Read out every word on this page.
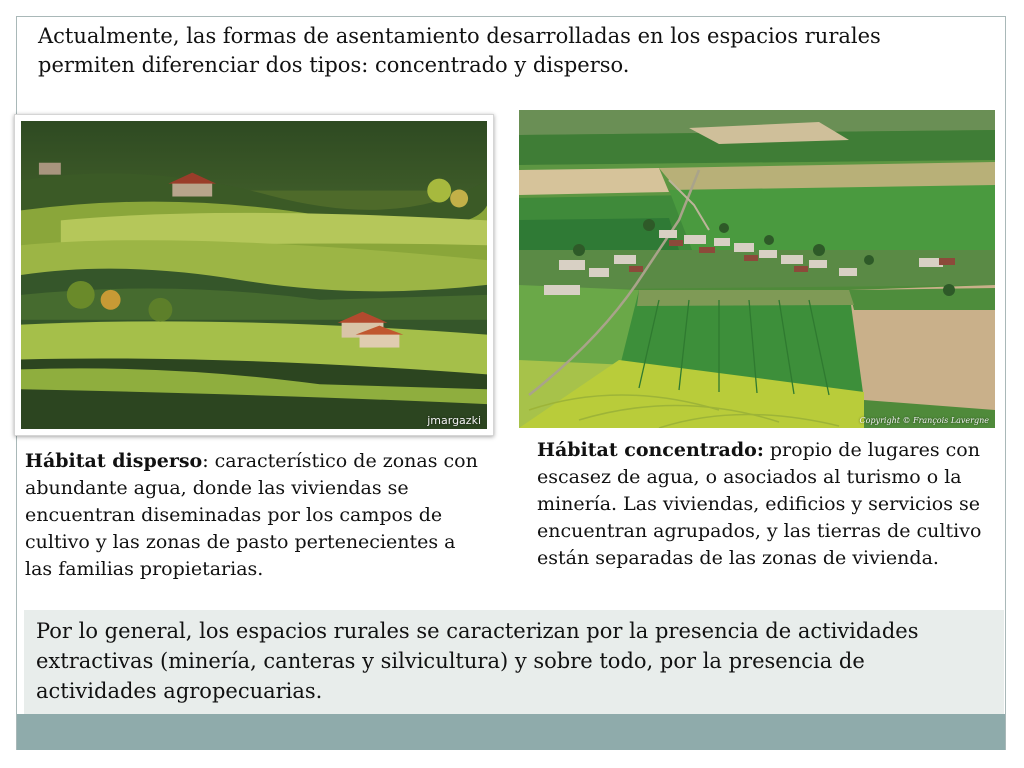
Actualmente, las formas de asentamiento desarrolladas en los espacios rurales permiten diferenciar dos tipos: concentrado y disperso.

jmargazki	Copyright © François Lavergne

Hábitat disperso: característico de zonas con abundante agua, donde las viviendas se encuentran diseminadas por los campos de cultivo y las zonas de pasto pertenecientes a las familias propietarias.

Hábitat concentrado: propio de lugares con escasez de agua, o asociados al turismo o la minería. Las viviendas, edificios y servicios se encuentran agrupados, y las tierras de cultivo están separadas de las zonas de vivienda.

Por lo general, los espacios rurales se caracterizan por la presencia de actividades extractivas (minería, canteras y silvicultura) y sobre todo, por la presencia de actividades agropecuarias.
